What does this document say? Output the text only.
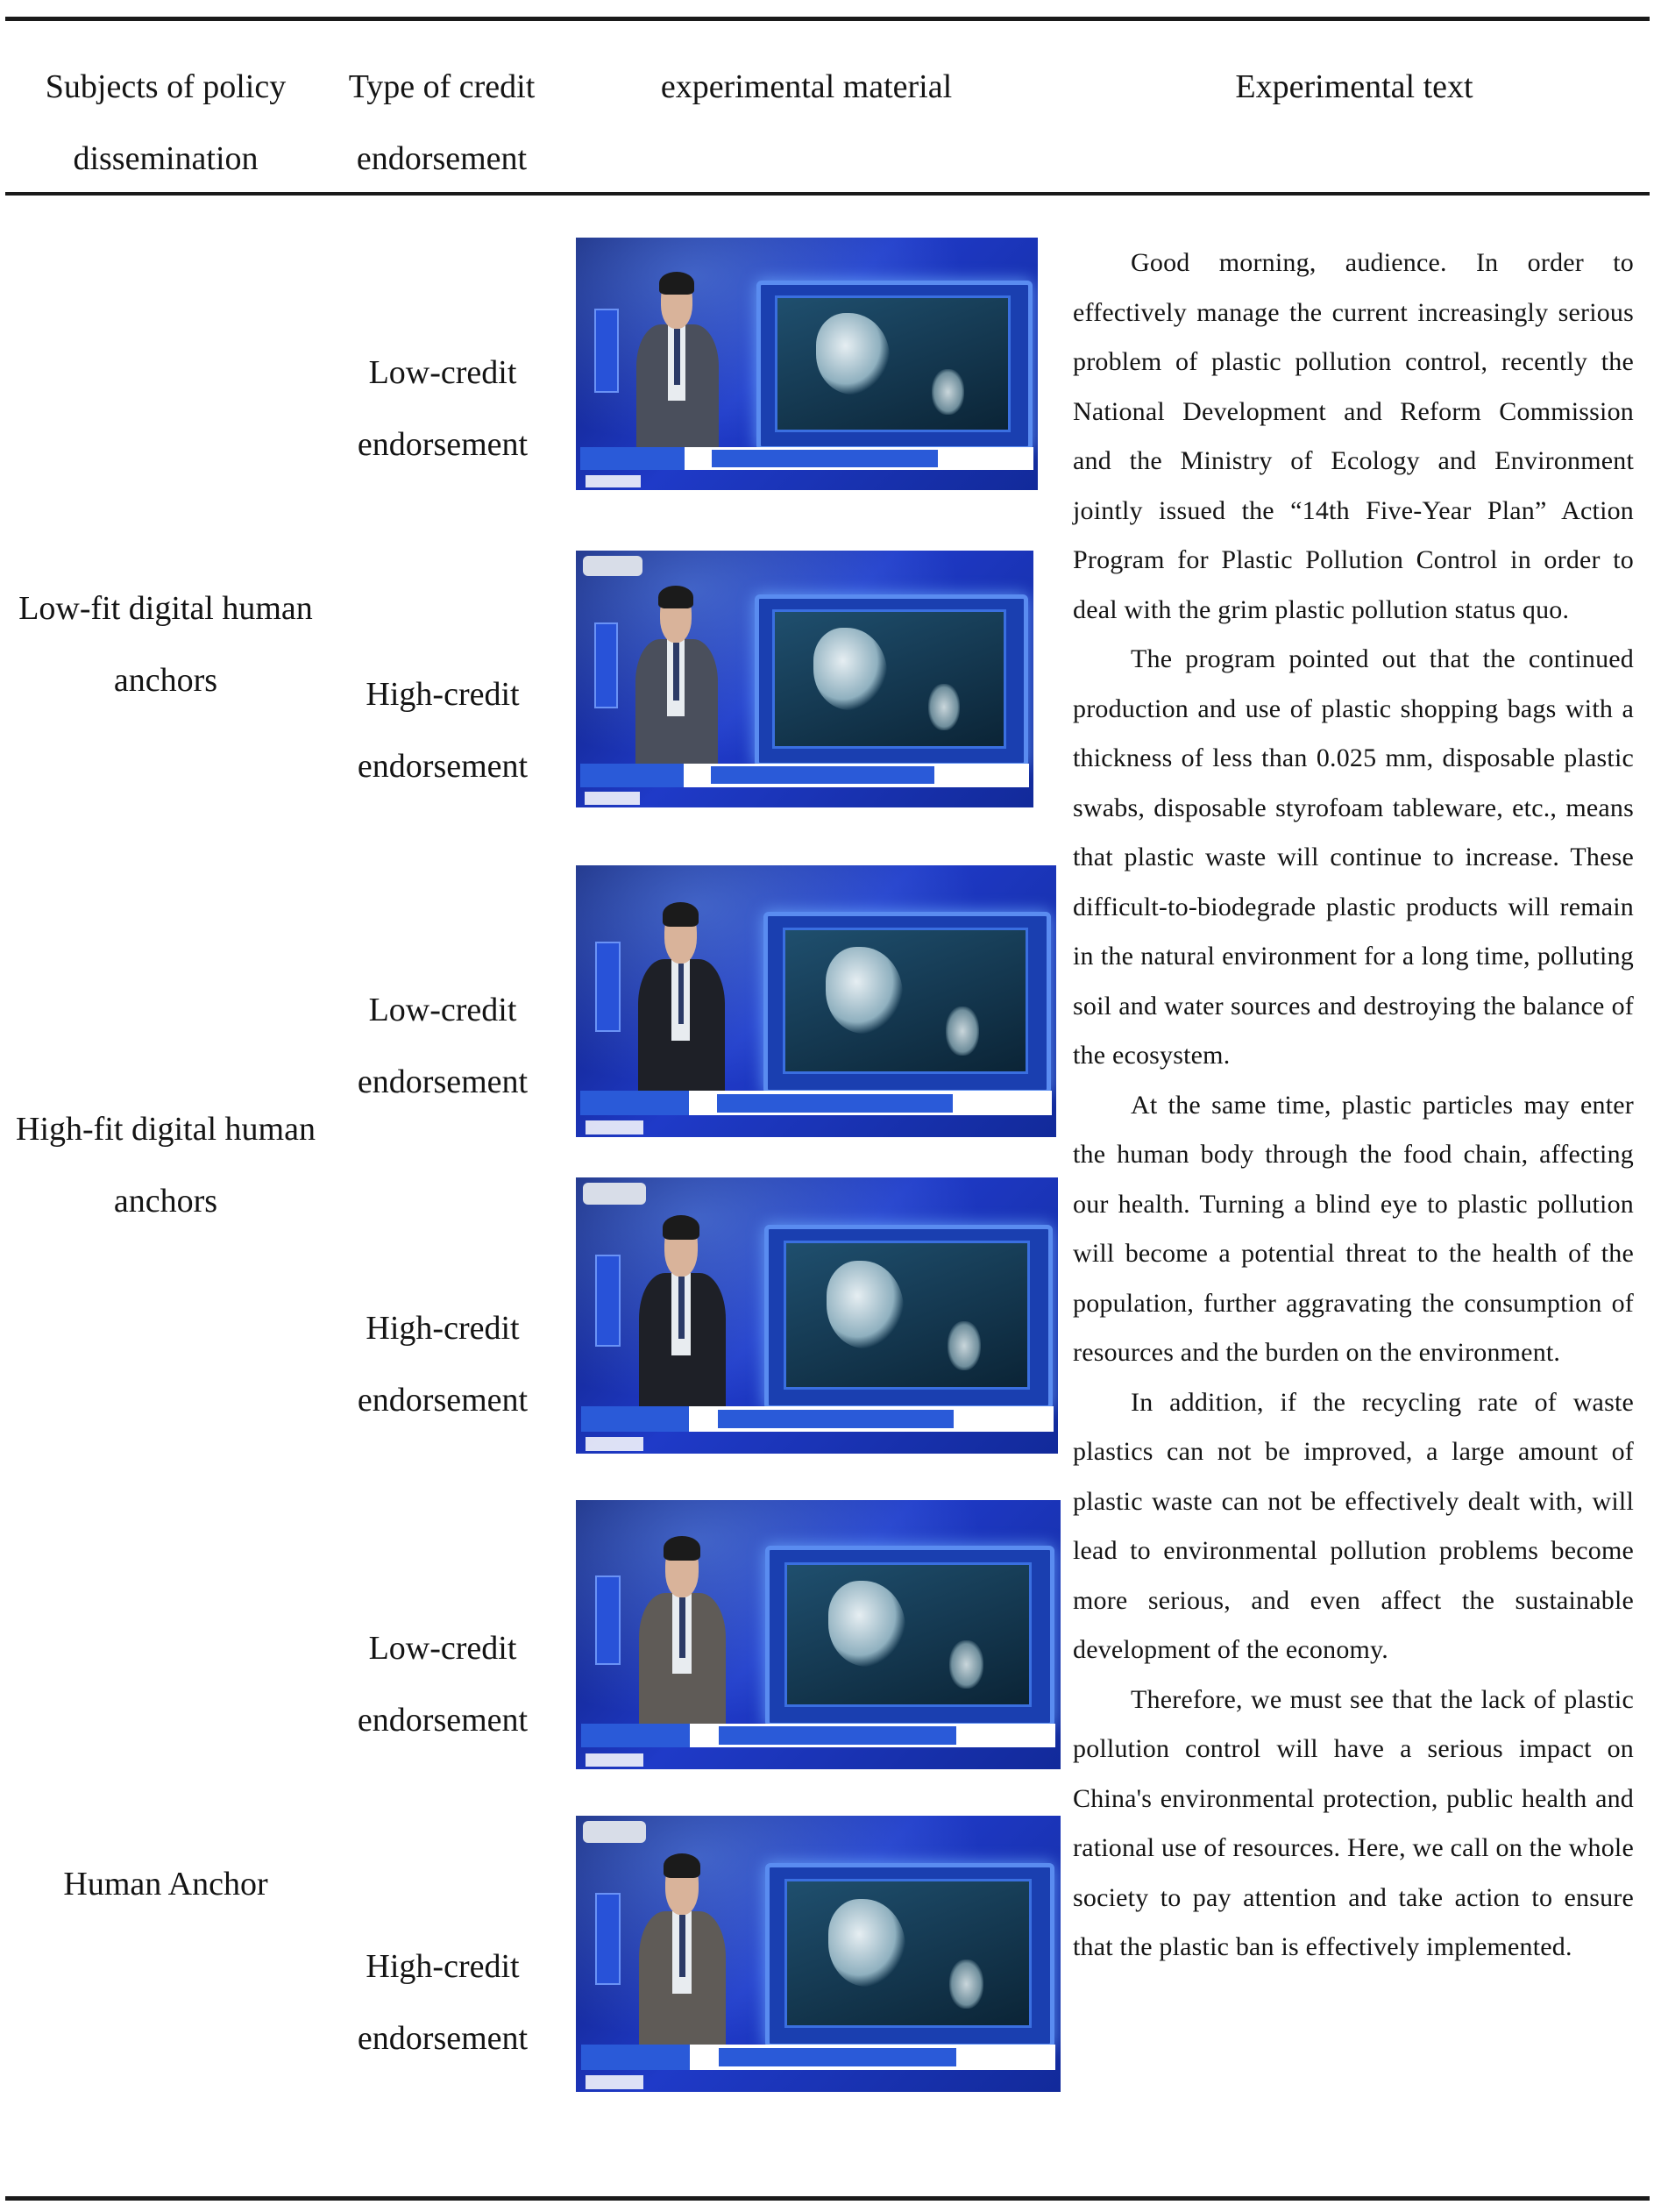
Subjects of policy dissemination
Type of credit endorsement
experimental material	Experimental text
Low-fit digital human anchors
High-fit digital human anchors
Human Anchor
Low-credit endorsement
High-credit endorsement
Low-credit endorsement
High-credit endorsement
Low-credit endorsement
High-credit endorsement

Good morning, audience. In order to effectively manage the current increasingly serious problem of plastic pollution control, recently the National Development and Reform Commission and the Ministry of Ecology and Environment jointly issued the “14th Five-Year Plan” Action Program for Plastic Pollution Control in order to deal with the grim plastic pollution status quo.

The program pointed out that the continued production and use of plastic shopping bags with a thickness of less than 0.025 mm, disposable plastic swabs, disposable styrofoam tableware, etc., means that plastic waste will continue to increase. These difficult-to-biodegrade plastic products will remain in the natural environment for a long time, polluting soil and water sources and destroying the balance of the ecosystem.

At the same time, plastic particles may enter the human body through the food chain, affecting our health. Turning a blind eye to plastic pollution will become a potential threat to the health of the population, further aggravating the consumption of resources and the burden on the environment.

In addition, if the recycling rate of waste plastics can not be improved, a large amount of plastic waste can not be effectively dealt with, will lead to environmental pollution problems become more serious, and even affect the sustainable development of the economy.

Therefore, we must see that the lack of plastic pollution control will have a serious impact on China's environmental protection, public health and rational use of resources. Here, we call on the whole society to pay attention and take action to ensure that the plastic ban is effectively implemented.
